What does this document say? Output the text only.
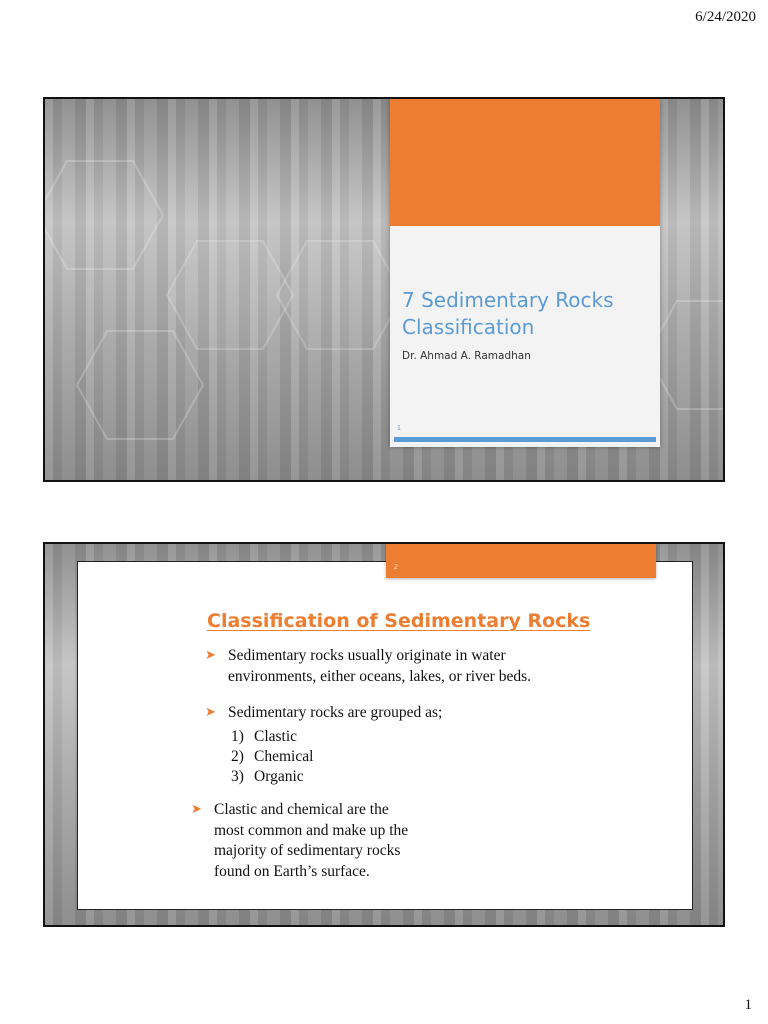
6/24/2020
7 Sedimentary Rocks
Classification
Dr. Ahmad A. Ramadhan
1
Classification of Sedimentary Rocks
➤ Sedimentary rocks usually originate in water
environments, either oceans, lakes, or river beds.
➤ Sedimentary rocks are grouped as;
1) Clastic
2) Chemical
3) Organic
➤ Clastic and chemical are the
most common and make up the
majority of sedimentary rocks
found on Earth’s surface.
2
1
